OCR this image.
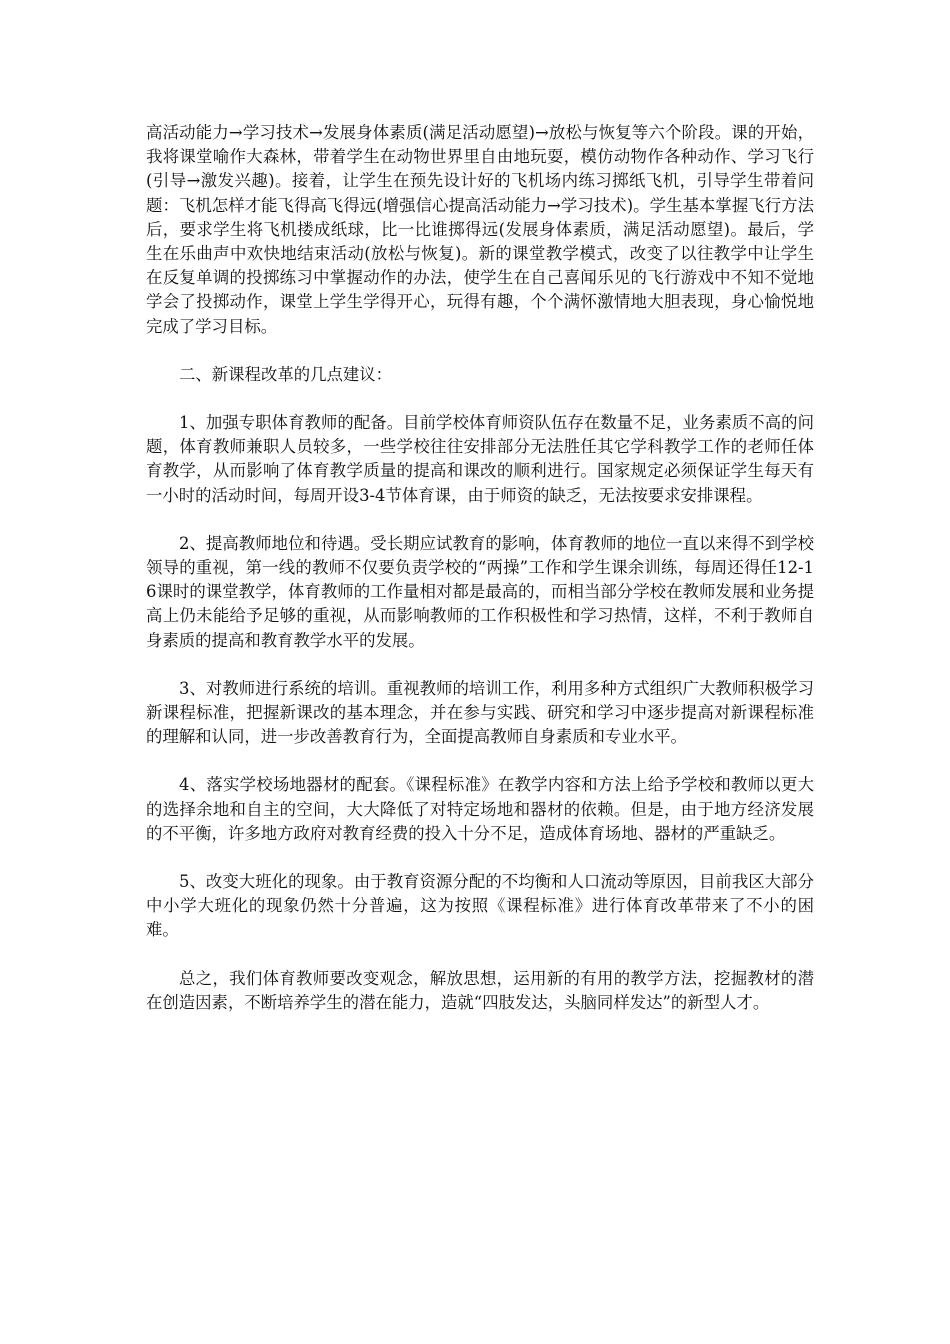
高活动能力→学习技术→发展身体素质(满足活动愿望)→放松与恢复等六个阶段。课的开始，我将课堂喻作大森林，带着学生在动物世界里自由地玩耍，模仿动物作各种动作、学习飞行(引导→激发兴趣)。接着，让学生在预先设计好的飞机场内练习掷纸飞机，引导学生带着问题：飞机怎样才能飞得高飞得远(增强信心提高活动能力→学习技术)。学生基本掌握飞行方法后，要求学生将飞机搂成纸球，比一比谁掷得远(发展身体素质，满足活动愿望)。最后，学生在乐曲声中欢快地结束活动(放松与恢复)。新的课堂教学模式，改变了以往教学中让学生在反复单调的投掷练习中掌握动作的办法，使学生在自己喜闻乐见的飞行游戏中不知不觉地学会了投掷动作，课堂上学生学得开心，玩得有趣，个个满怀激情地大胆表现，身心愉悦地完成了学习目标。

二、新课程改革的几点建议：

1、加强专职体育教师的配备。目前学校体育师资队伍存在数量不足，业务素质不高的问题，体育教师兼职人员较多，一些学校往往安排部分无法胜任其它学科教学工作的老师任体育教学，从而影响了体育教学质量的提高和课改的顺利进行。国家规定必须保证学生每天有一小时的活动时间，每周开设3-4节体育课，由于师资的缺乏，无法按要求安排课程。

2、提高教师地位和待遇。受长期应试教育的影响，体育教师的地位一直以来得不到学校领导的重视，第一线的教师不仅要负责学校的“两操”工作和学生课余训练，每周还得任12-16课时的课堂教学，体育教师的工作量相对都是最高的，而相当部分学校在教师发展和业务提高上仍未能给予足够的重视，从而影响教师的工作积极性和学习热情，这样，不利于教师自身素质的提高和教育教学水平的发展。

3、对教师进行系统的培训。重视教师的培训工作，利用多种方式组织广大教师积极学习新课程标准，把握新课改的基本理念，并在参与实践、研究和学习中逐步提高对新课程标准的理解和认同，进一步改善教育行为，全面提高教师自身素质和专业水平。

4、落实学校场地器材的配套。《课程标准》在教学内容和方法上给予学校和教师以更大的选择余地和自主的空间，大大降低了对特定场地和器材的依赖。但是，由于地方经济发展的不平衡，许多地方政府对教育经费的投入十分不足，造成体育场地、器材的严重缺乏。

5、改变大班化的现象。由于教育资源分配的不均衡和人口流动等原因，目前我区大部分中小学大班化的现象仍然十分普遍，这为按照《课程标准》进行体育改革带来了不小的困难。

总之，我们体育教师要改变观念，解放思想，运用新的有用的教学方法，挖掘教材的潜在创造因素，不断培养学生的潜在能力，造就“四肢发达，头脑同样发达”的新型人才。
